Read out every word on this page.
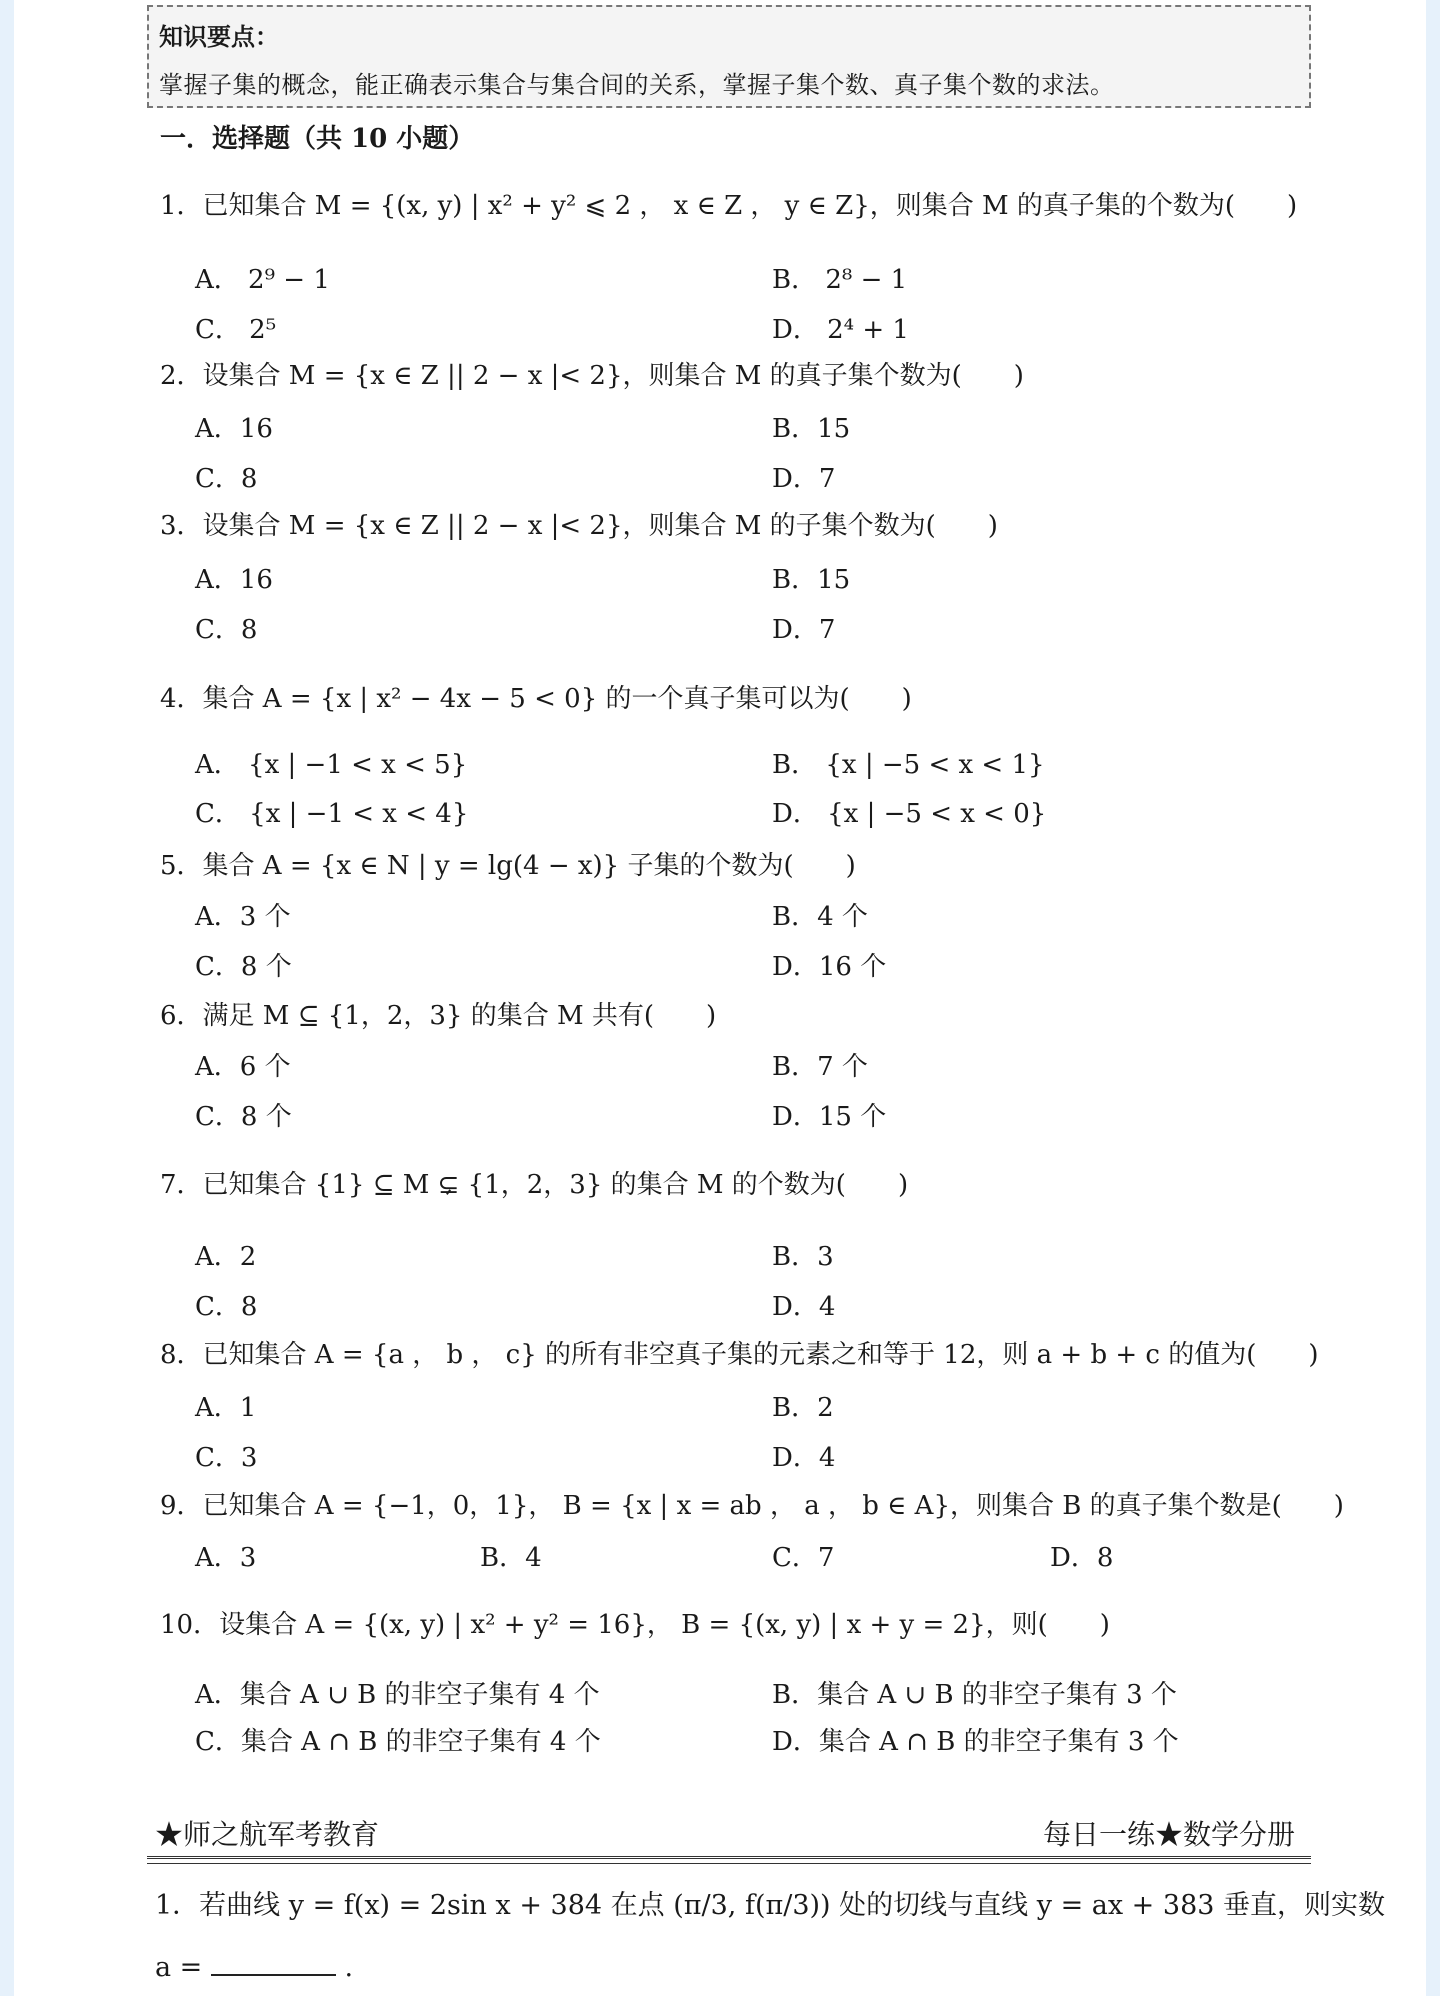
知识要点：
掌握子集的概念，能正确表示集合与集合间的关系，掌握子集个数、真子集个数的求法。
一．选择题（共 10 小题）
1．已知集合 M = {(x, y) | x² + y² ⩽ 2 ， x ∈ Z ， y ∈ Z}，则集合 M 的真子集的个数为(　　)
A． 2⁹ − 1	B． 2⁸ − 1
C． 2⁵	D． 2⁴ + 1
2．设集合 M = {x ∈ Z || 2 − x |< 2}，则集合 M 的真子集个数为(　　)
A．16	B．15
C．8	D．7
3．设集合 M = {x ∈ Z || 2 − x |< 2}，则集合 M 的子集个数为(　　)
A．16	B．15
C．8	D．7
4．集合 A = {x | x² − 4x − 5 < 0} 的一个真子集可以为(　　)
A． {x | −1 < x < 5}	B． {x | −5 < x < 1}
C． {x | −1 < x < 4}	D． {x | −5 < x < 0}
5．集合 A = {x ∈ N | y = lg(4 − x)} 子集的个数为(　　)
A．3 个	B．4 个
C．8 个	D．16 个
6．满足 M ⊆ {1，2，3} 的集合 M 共有(　　)
A．6 个	B．7 个
C．8 个	D．15 个
7．已知集合 {1} ⊆ M ⊊ {1，2，3} 的集合 M 的个数为(　　)
A．2	B．3
C．8	D．4
8．已知集合 A = {a ， b ， c} 的所有非空真子集的元素之和等于 12，则 a + b + c 的值为(　　)
A．1	B．2
C．3	D．4
9．已知集合 A = {−1，0，1}， B = {x | x = ab ， a ， b ∈ A}，则集合 B 的真子集个数是(　　)
A．3	B．4	C．7	D．8
10．设集合 A = {(x, y) | x² + y² = 16}， B = {(x, y) | x + y = 2}，则(　　)
A．集合 A ∪ B 的非空子集有 4 个	B．集合 A ∪ B 的非空子集有 3 个
C．集合 A ∩ B 的非空子集有 4 个	D．集合 A ∩ B 的非空子集有 3 个
★师之航军考教育	每日一练★数学分册
1．若曲线 y = f(x) = 2sin x + 384 在点 (π/3, f(π/3)) 处的切线与直线 y = ax + 383 垂直，则实数
a =	.
